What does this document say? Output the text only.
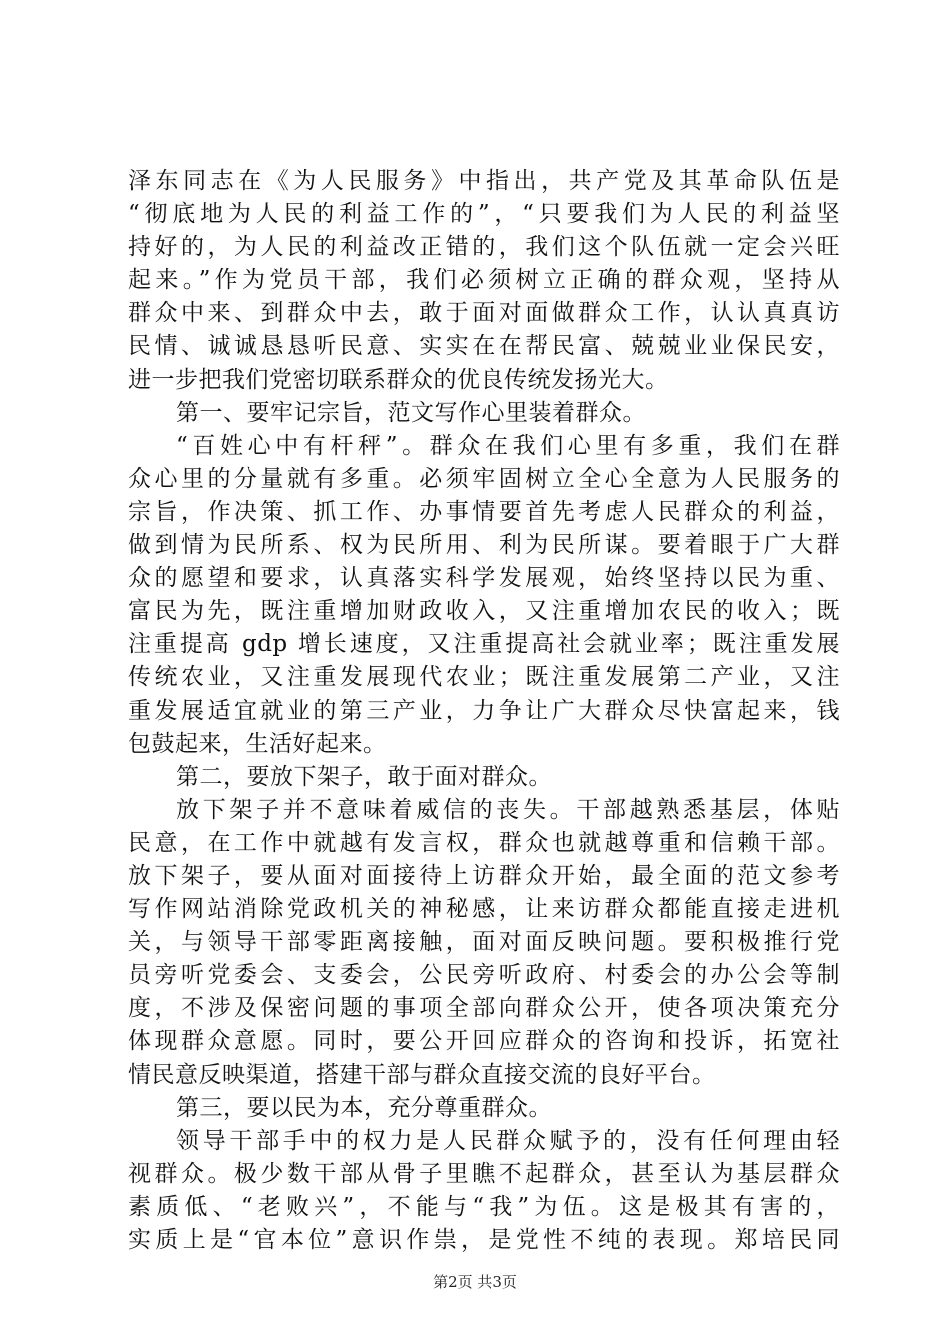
泽东同志在《为人民服务》中指出，共产党及其革命队伍是
“彻底地为人民的利益工作的”，“只要我们为人民的利益坚
持好的，为人民的利益改正错的，我们这个队伍就一定会兴旺
起来。”作为党员干部，我们必须树立正确的群众观，坚持从
群众中来、到群众中去，敢于面对面做群众工作，认认真真访
民情、诚诚恳恳听民意、实实在在帮民富、兢兢业业保民安，
进一步把我们党密切联系群众的优良传统发扬光大。
第一、要牢记宗旨，范文写作心里装着群众。
“百姓心中有杆秤”。群众在我们心里有多重，我们在群
众心里的分量就有多重。必须牢固树立全心全意为人民服务的
宗旨，作决策、抓工作、办事情要首先考虑人民群众的利益，
做到情为民所系、权为民所用、利为民所谋。要着眼于广大群
众的愿望和要求，认真落实科学发展观，始终坚持以民为重、
富民为先，既注重增加财政收入，又注重增加农民的收入；既
注重提高 gdp 增长速度，又注重提高社会就业率；既注重发展
传统农业，又注重发展现代农业；既注重发展第二产业，又注
重发展适宜就业的第三产业，力争让广大群众尽快富起来，钱
包鼓起来，生活好起来。
第二，要放下架子，敢于面对群众。
放下架子并不意味着威信的丧失。干部越熟悉基层，体贴
民意，在工作中就越有发言权，群众也就越尊重和信赖干部。
放下架子，要从面对面接待上访群众开始，最全面的范文参考
写作网站消除党政机关的神秘感，让来访群众都能直接走进机
关，与领导干部零距离接触，面对面反映问题。要积极推行党
员旁听党委会、支委会，公民旁听政府、村委会的办公会等制
度，不涉及保密问题的事项全部向群众公开，使各项决策充分
体现群众意愿。同时，要公开回应群众的咨询和投诉，拓宽社
情民意反映渠道，搭建干部与群众直接交流的良好平台。
第三，要以民为本，充分尊重群众。
领导干部手中的权力是人民群众赋予的，没有任何理由轻
视群众。极少数干部从骨子里瞧不起群众，甚至认为基层群众
素质低、“老败兴”，不能与“我”为伍。这是极其有害的，
实质上是“官本位”意识作祟，是党性不纯的表现。郑培民同
第2页 共3页
